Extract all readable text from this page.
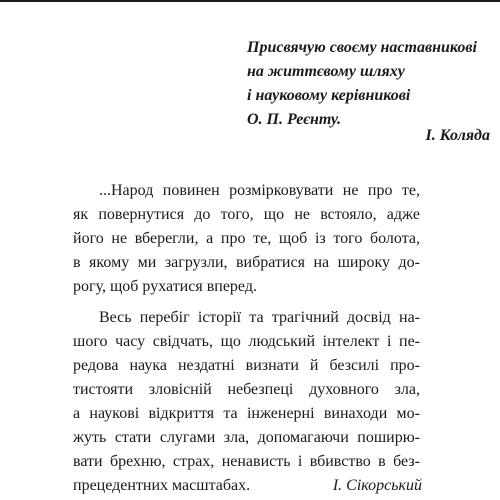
Присвячую своєму наставникові
на життєвому шляху
і науковому керівникові
О. П. Реєнту.
І. Коляда
...Народ повинен розмірковувати не про те,
як повернутися до того, що не встояло, адже
його не вберегли, а про те, щоб із того болота,
в якому ми загрузли, вибратися на широку до-
рогу, щоб рухатися вперед.
Весь перебіг історії та трагічний досвід на-
шого часу свідчать, що людський інтелект і пе-
редова наука нездатні визнати й безсилі про-
тистояти зловісній небезпеці духовного зла,
а наукові відкриття та інженерні винаходи мо-
жуть стати слугами зла, допомагаючи пошиpю-
вати брехню, страх, ненависть і вбивство в без-
прецедентних масштабах.	І. Сікорський
